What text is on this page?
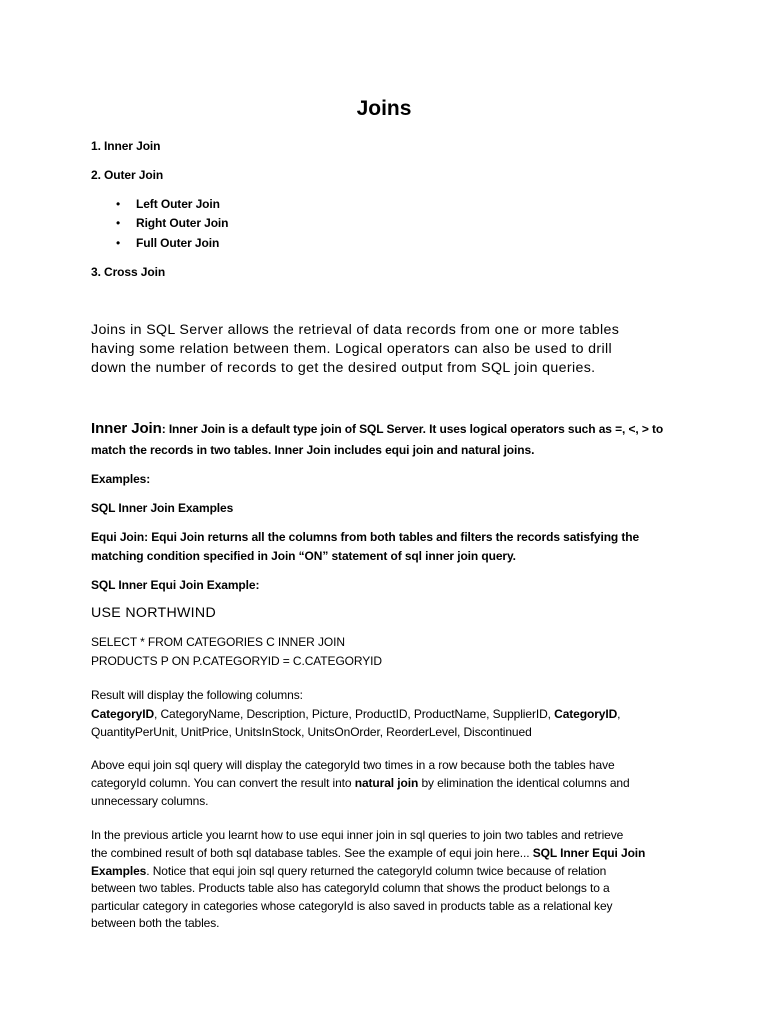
Joins

1. Inner Join

2. Outer Join

• Left Outer Join

• Right Outer Join

• Full Outer Join

3. Cross Join

Joins in SQL Server allows the retrieval of data records from one or more tables
having some relation between them. Logical operators can also be used to drill
down the number of records to get the desired output from SQL join queries.

Inner Join: Inner Join is a default type join of SQL Server. It uses logical operators such as =, <, > to

match the records in two tables. Inner Join includes equi join and natural joins.

Examples:

SQL Inner Join Examples

Equi Join: Equi Join returns all the columns from both tables and filters the records satisfying the

matching condition specified in Join “ON” statement of sql inner join query.

SQL Inner Equi Join Example:

USE NORTHWIND

SELECT * FROM CATEGORIES C INNER JOIN
PRODUCTS P ON P.CATEGORYID = C.CATEGORYID

Result will display the following columns:

CategoryID, CategoryName, Description, Picture, ProductID, ProductName, SupplierID, CategoryID,

QuantityPerUnit, UnitPrice, UnitsInStock, UnitsOnOrder, ReorderLevel, Discontinued

Above equi join sql query will display the categoryId two times in a row because both the tables have

categoryId column. You can convert the result into natural join by elimination the identical columns and

unnecessary columns.

In the previous article you learnt how to use equi inner join in sql queries to join two tables and retrieve

the combined result of both sql database tables. See the example of equi join here... SQL Inner Equi Join

Examples. Notice that equi join sql query returned the categoryId column twice because of relation

between two tables. Products table also has categoryId column that shows the product belongs to a

particular category in categories whose categoryId is also saved in products table as a relational key

between both the tables.
